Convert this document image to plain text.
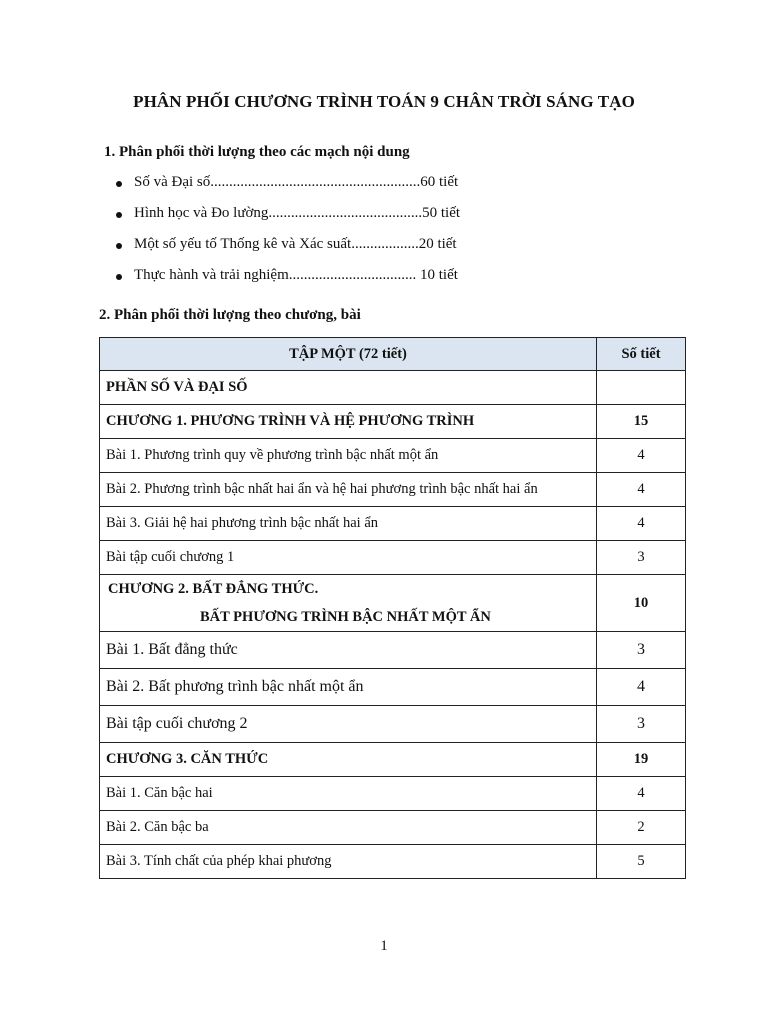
PHÂN PHỐI CHƯƠNG TRÌNH TOÁN 9 CHÂN TRỜI SÁNG TẠO
1. Phân phối thời lượng theo các mạch nội dung
Số và Đại số........................................................60 tiết
Hình học và Đo lường.........................................50 tiết
Một số yếu tố Thống kê và Xác suất..................20 tiết
Thực hành và trải nghiệm.................................. 10 tiết
2. Phân phối thời lượng theo chương, bài
TẬP MỘT (72 tiết)	Số tiết
PHẦN SỐ VÀ ĐẠI SỐ	
CHƯƠNG 1. PHƯƠNG TRÌNH VÀ HỆ PHƯƠNG TRÌNH	15
Bài 1. Phương trình quy về phương trình bậc nhất một ẩn	4
Bài 2. Phương trình bậc nhất hai ẩn và hệ hai phương trình bậc nhất hai ẩn	4
Bài 3. Giải hệ hai phương trình bậc nhất hai ẩn	4
Bài tập cuối chương 1	3

CHƯƠNG 2. BẤT ĐẲNG THỨC.
BẤT PHƯƠNG TRÌNH BẬC NHẤT MỘT ẨN	10
Bài 1. Bất đẳng thức	3
Bài 2. Bất phương trình bậc nhất một ẩn	4
Bài tập cuối chương 2	3
CHƯƠNG 3. CĂN THỨC	19
Bài 1. Căn bậc hai	4
Bài 2. Căn bậc ba	2
Bài 3. Tính chất của phép khai phương	5
1
